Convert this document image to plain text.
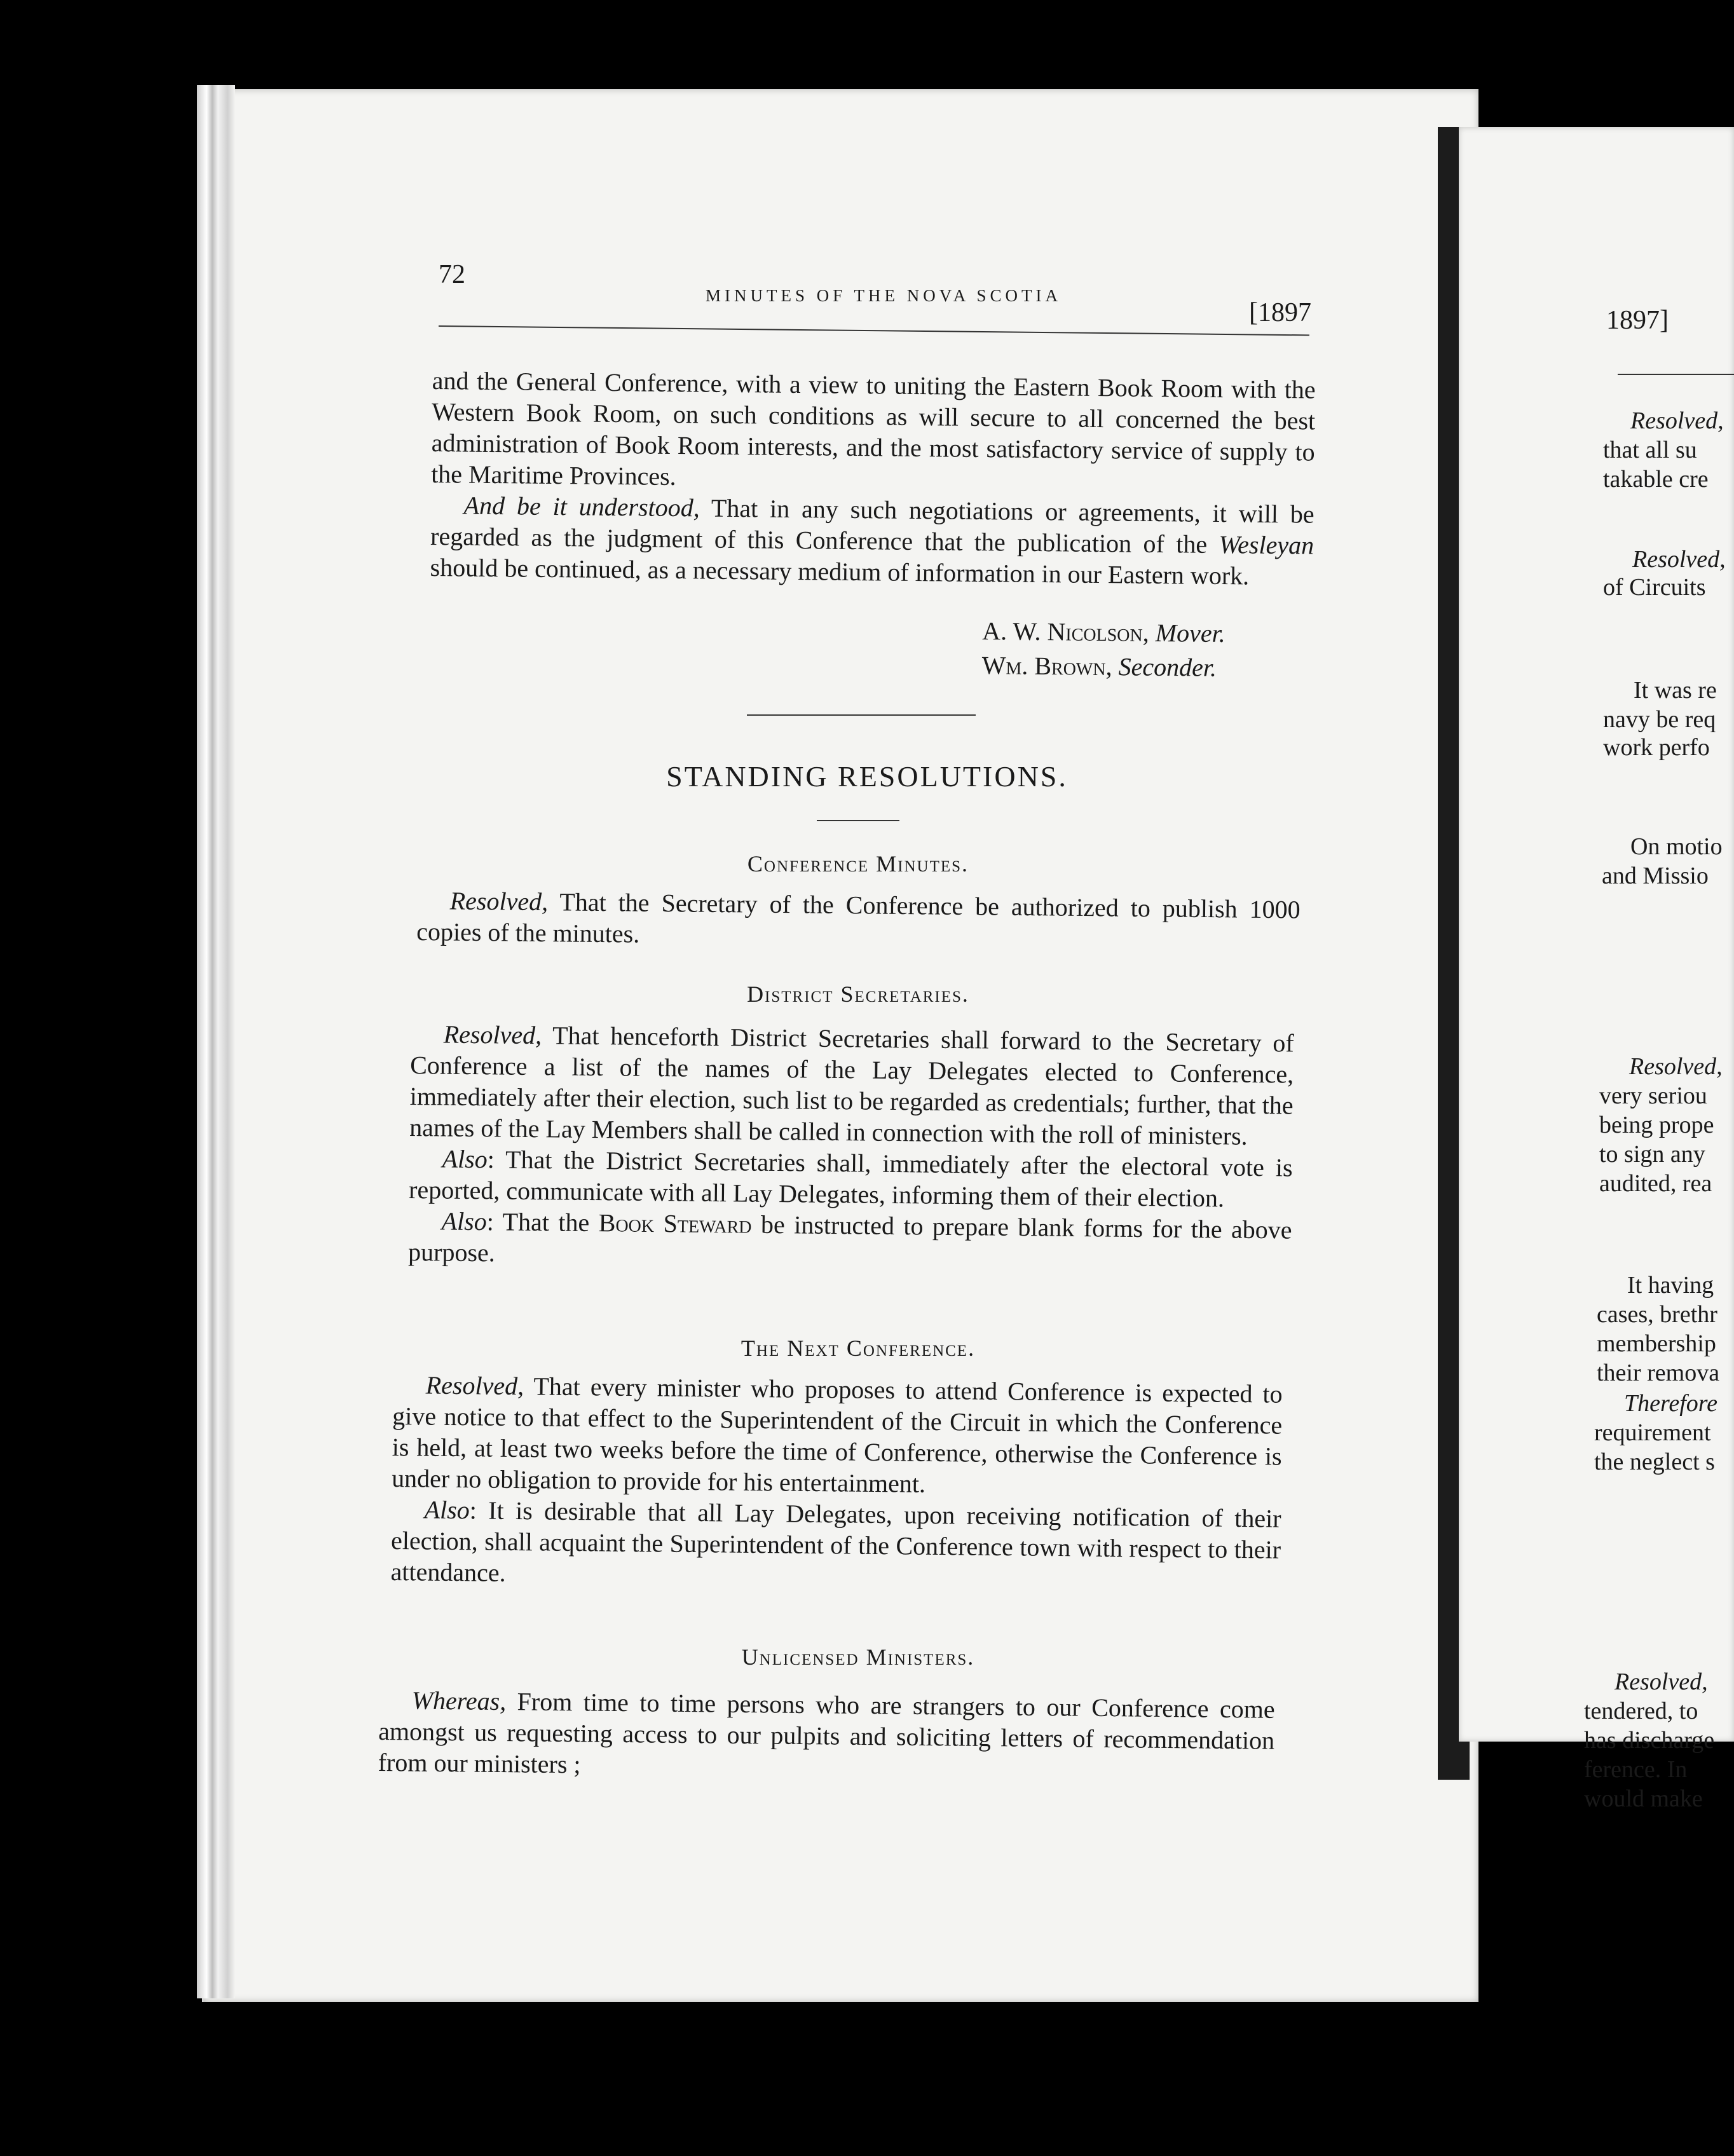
72
MINUTES OF THE NOVA SCOTIA
[1897

and the General Conference, with a view to uniting the Eastern Book Room with the Western Book Room, on such conditions as will secure to all concerned the best administration of Book Room interests, and the most satisfactory service of supply to the Maritime Provinces.

And be it understood, That in any such negotiations or agreements, it will be regarded as the judgment of this Conference that the publication of the Wesleyan should be continued, as a necessary medium of information in our Eastern work.

A. W. Nicolson, Mover.
Wm. Brown, Seconder.
STANDING RESOLUTIONS.
Conference Minutes.

Resolved, That the Secretary of the Conference be authorized to publish 1000 copies of the minutes.

District Secretaries.

Resolved, That henceforth District Secretaries shall forward to the Secretary of Conference a list of the names of the Lay Delegates elected to Conference, immediately after their election, such list to be regarded as credentials; further, that the names of the Lay Members shall be called in connection with the roll of ministers.

Also: That the District Secretaries shall, immediately after the electoral vote is reported, communicate with all Lay Delegates, informing them of their election.

Also: That the Book Steward be instructed to prepare blank forms for the above purpose.

The Next Conference.

Resolved, That every minister who proposes to attend Conference is expected to give notice to that effect to the Superintendent of the Circuit in which the Conference is held, at least two weeks before the time of Conference, otherwise the Conference is under no obligation to provide for his entertainment.

Also: It is desirable that all Lay Delegates, upon receiving notification of their election, shall acquaint the Superintendent of the Conference town with respect to their attendance.

Unlicensed Ministers.

Whereas, From time to time persons who are strangers to our Conference come amongst us requesting access to our pulpits and soliciting letters of recommendation from our ministers ;

1897]
Resolved,
that all su
takable cre
Resolved,
of Circuits
It was re
navy be req
work perfo
On motio
and Missio
Resolved,
very seriou
being prope
to sign any
audited, rea
It having
cases, brethr
membership
their remova
Therefore
requirement
the neglect s
Resolved,
tendered, to
has discharge
ference. In
would make
